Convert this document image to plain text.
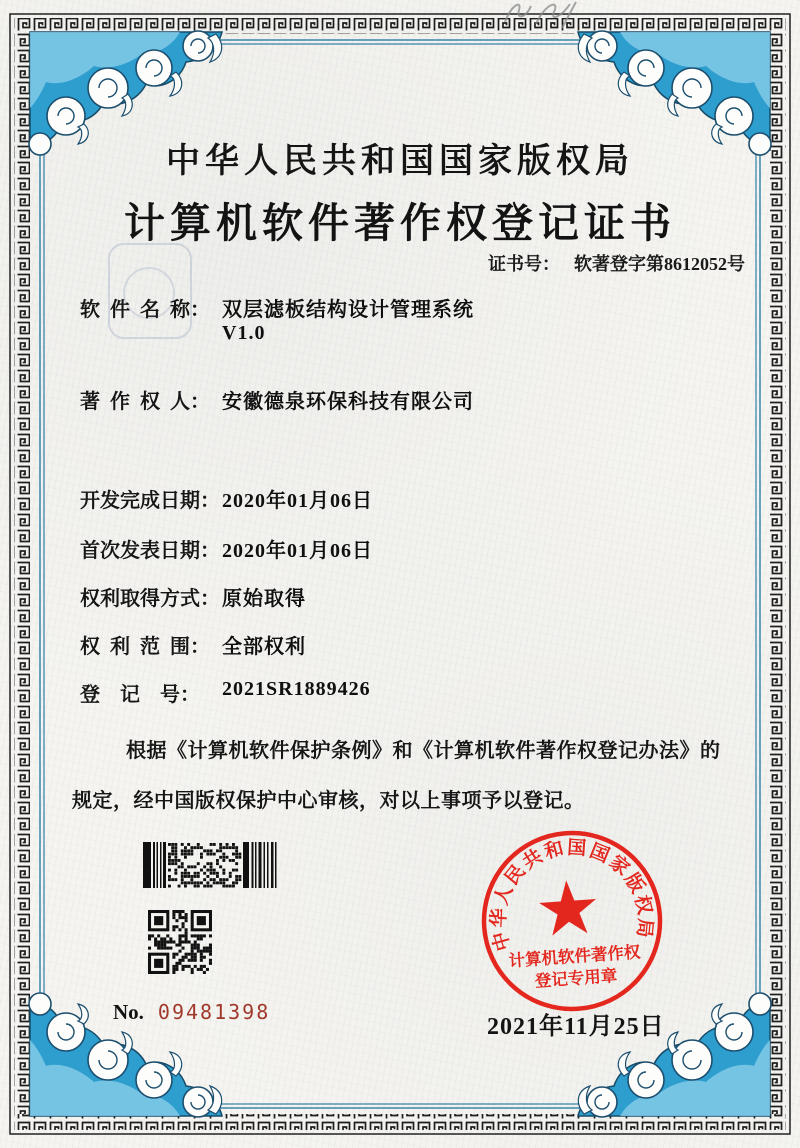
中华人民共和国国家版权局
计算机软件著作权登记证书
证书号： 软著登字第8612052号
软  件  名  称： 双层滤板结构设计管理系统
V1.0
著  作  权  人： 安徽德泉环保科技有限公司
开发完成日期： 2020年01月06日
首次发表日期： 2020年01月06日
权利取得方式： 原始取得
权  利  范  围： 全部权利
登    记    号： 2021SR1889426

根据《计算机软件保护条例》和《计算机软件著作权登记办法》的规定，经中国版权保护中心审核，对以上事项予以登记。

No. 09481398
2021年11月25日
中华人民共和国国家版权局
计算机软件著作权
登记专用章
